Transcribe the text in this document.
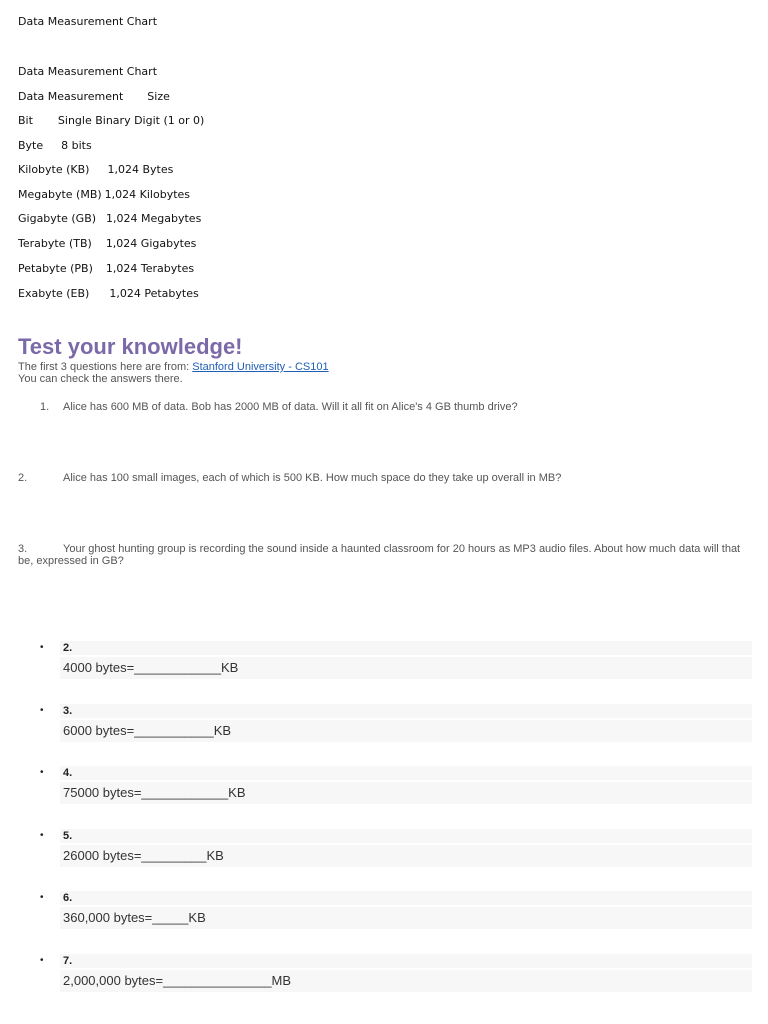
Data Measurement Chart
Data Measurement Chart
Data Measurement Size
Bit Single Binary Digit (1 or 0)
Byte 8 bits
Kilobyte (KB) 1,024 Bytes
Megabyte (MB) 1,024 Kilobytes
Gigabyte (GB) 1,024 Megabytes
Terabyte (TB) 1,024 Gigabytes
Petabyte (PB) 1,024 Terabytes
Exabyte (EB) 1,024 Petabytes
Test your knowledge!
The first 3 questions here are from: Stanford University - CS101
You can check the answers there.
1. Alice has 600 MB of data. Bob has 2000 MB of data. Will it all fit on Alice's 4 GB thumb drive?
2.	Alice has 100 small images, each of which is 500 KB. How much space do they take up overall in MB?
3.	Your ghost hunting group is recording the sound inside a haunted classroom for 20 hours as MP3 audio files. About how much data will that be, expressed in GB?
• 2.
4000 bytes=____________KB
• 3.
6000 bytes=___________KB
• 4.
75000 bytes=____________KB
• 5.
26000 bytes=_________KB
• 6.
360,000 bytes=_____KB
• 7.
2,000,000 bytes=_______________MB
